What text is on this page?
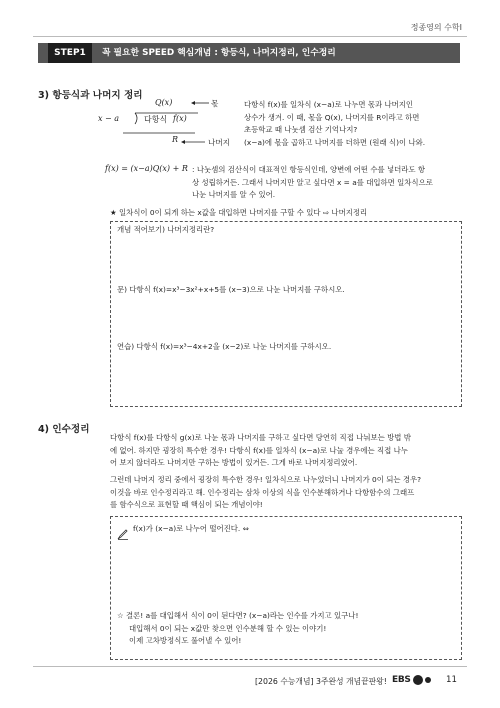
정종영의 수학Ⅰ
STEP1	꼭 필요한 SPEED 핵심개념 : 항등식, 나머지정리, 인수정리
3) 항등식과 나머지 정리
Q(x)
x − a	다항식 f(x)
R
몫
나머지
다항식 f(x)를 일차식 (x−a)로 나누면 몫과 나머지인
상수가 생겨. 이 때, 몫을 Q(x), 나머지를 R이라고 하면
초등학교 때 나눗셈 검산 기억나지?
(x−a)에 몫을 곱하고 나머지를 더하면 (원래 식)이 나와.
f(x) = (x−a)Q(x) + R : 나눗셈의 검산식이 대표적인 항등식인데, 양변에 어떤 수를 넣더라도 항
상 성립하거든. 그래서 나머지만 알고 싶다면 x = a를 대입하면 일차식으로
나눈 나머지를 알 수 있어.
★ 일차식이 0이 되게 하는 x값을 대입하면 나머지를 구할 수 있다 ⇨ 나머지정리
개념 적어보기) 나머지정리란?
문) 다항식 f(x)=x³−3x²+x+5를 (x−3)으로 나눈 나머지를 구하시오.
연습) 다항식 f(x)=x³−4x+2을 (x−2)로 나눈 나머지를 구하시오.
4) 인수정리
다항식 f(x)를 다항식 g(x)로 나눈 몫과 나머지를 구하고 싶다면 당연히 직접 나눠보는 방법 밖
에 없어. 하지만 굉장히 특수한 경우! 다항식 f(x)를 일차식 (x−a)로 나눌 경우에는 직접 나누
어 보지 않더라도 나머지만 구하는 방법이 있거든. 그게 바로 나머지정리였어.
그런데 나머지 정리 중에서 굉장히 특수한 경우! 일차식으로 나누었더니 나머지가 0이 되는 경우?
이것을 바로 인수정리라고 해. 인수정리는 삼차 이상의 식을 인수분해하거나 다항함수의 그래프
를 함수식으로 표현할 때 핵심이 되는 개념이야!
f(x)가 (x−a)로 나누어 떨어진다. ⇔
☆ 결론! a를 대입해서 식이 0이 된다면? (x−a)라는 인수를 가지고 있구나!
대입해서 0이 되는 x값만 찾으면 인수분해 할 수 있는 이야기!
이제 고차방정식도 풀어낼 수 있어!
[2026 수능개념] 3주완성 개념끝판왕! EBS	11
